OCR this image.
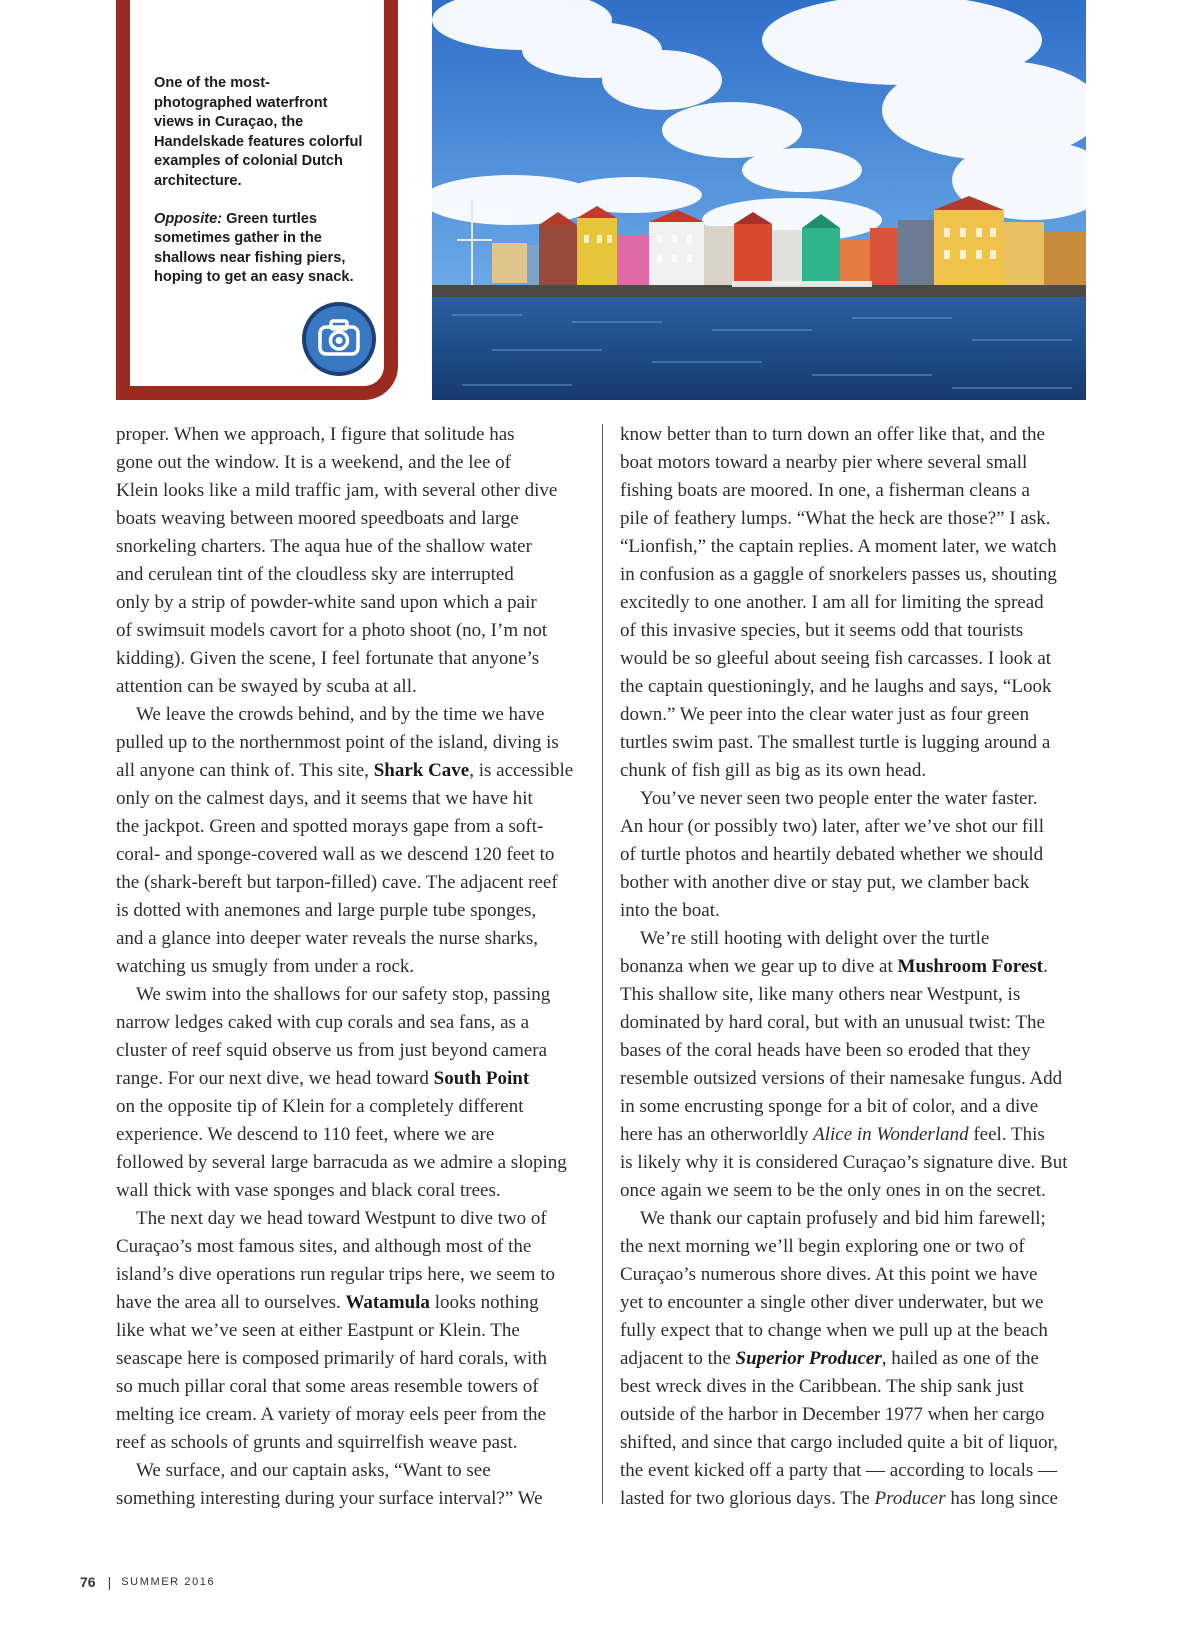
One of the most-photographed waterfront views in Curaçao, the Handelskade features colorful examples of colonial Dutch architecture.

Opposite: Green turtles sometimes gather in the shallows near fishing piers, hoping to get an easy snack.

proper. When we approach, I figure that solitude has
gone out the window. It is a weekend, and the lee of
Klein looks like a mild traffic jam, with several other dive
boats weaving between moored speedboats and large
snorkeling charters. The aqua hue of the shallow water
and cerulean tint of the cloudless sky are interrupted
only by a strip of powder-white sand upon which a pair
of swimsuit models cavort for a photo shoot (no, I’m not
kidding). Given the scene, I feel fortunate that anyone’s
attention can be swayed by scuba at all.
We leave the crowds behind, and by the time we have
pulled up to the northernmost point of the island, diving is
all anyone can think of. This site, Shark Cave, is accessible
only on the calmest days, and it seems that we have hit
the jackpot. Green and spotted morays gape from a soft-
coral- and sponge-covered wall as we descend 120 feet to
the (shark-bereft but tarpon-filled) cave. The adjacent reef
is dotted with anemones and large purple tube sponges,
and a glance into deeper water reveals the nurse sharks,
watching us smugly from under a rock.
We swim into the shallows for our safety stop, passing
narrow ledges caked with cup corals and sea fans, as a
cluster of reef squid observe us from just beyond camera
range. For our next dive, we head toward South Point
on the opposite tip of Klein for a completely different
experience. We descend to 110 feet, where we are
followed by several large barracuda as we admire a sloping
wall thick with vase sponges and black coral trees.
The next day we head toward Westpunt to dive two of
Curaçao’s most famous sites, and although most of the
island’s dive operations run regular trips here, we seem to
have the area all to ourselves. Watamula looks nothing
like what we’ve seen at either Eastpunt or Klein. The
seascape here is composed primarily of hard corals, with
so much pillar coral that some areas resemble towers of
melting ice cream. A variety of moray eels peer from the
reef as schools of grunts and squirrelfish weave past.
We surface, and our captain asks, “Want to see
something interesting during your surface interval?” We
know better than to turn down an offer like that, and the
boat motors toward a nearby pier where several small
fishing boats are moored. In one, a fisherman cleans a
pile of feathery lumps. “What the heck are those?” I ask.
“Lionfish,” the captain replies. A moment later, we watch
in confusion as a gaggle of snorkelers passes us, shouting
excitedly to one another. I am all for limiting the spread
of this invasive species, but it seems odd that tourists
would be so gleeful about seeing fish carcasses. I look at
the captain questioningly, and he laughs and says, “Look
down.” We peer into the clear water just as four green
turtles swim past. The smallest turtle is lugging around a
chunk of fish gill as big as its own head.
You’ve never seen two people enter the water faster.
An hour (or possibly two) later, after we’ve shot our fill
of turtle photos and heartily debated whether we should
bother with another dive or stay put, we clamber back
into the boat.
We’re still hooting with delight over the turtle
bonanza when we gear up to dive at Mushroom Forest.
This shallow site, like many others near Westpunt, is
dominated by hard coral, but with an unusual twist: The
bases of the coral heads have been so eroded that they
resemble outsized versions of their namesake fungus. Add
in some encrusting sponge for a bit of color, and a dive
here has an otherworldly Alice in Wonderland feel. This
is likely why it is considered Curaçao’s signature dive. But
once again we seem to be the only ones in on the secret.
We thank our captain profusely and bid him farewell;
the next morning we’ll begin exploring one or two of
Curaçao’s numerous shore dives. At this point we have
yet to encounter a single other diver underwater, but we
fully expect that to change when we pull up at the beach
adjacent to the Superior Producer, hailed as one of the
best wreck dives in the Caribbean. The ship sank just
outside of the harbor in December 1977 when her cargo
shifted, and since that cargo included quite a bit of liquor,
the event kicked off a party that — according to locals —
lasted for two glorious days. The Producer has long since
76 | SUMMER 2016
